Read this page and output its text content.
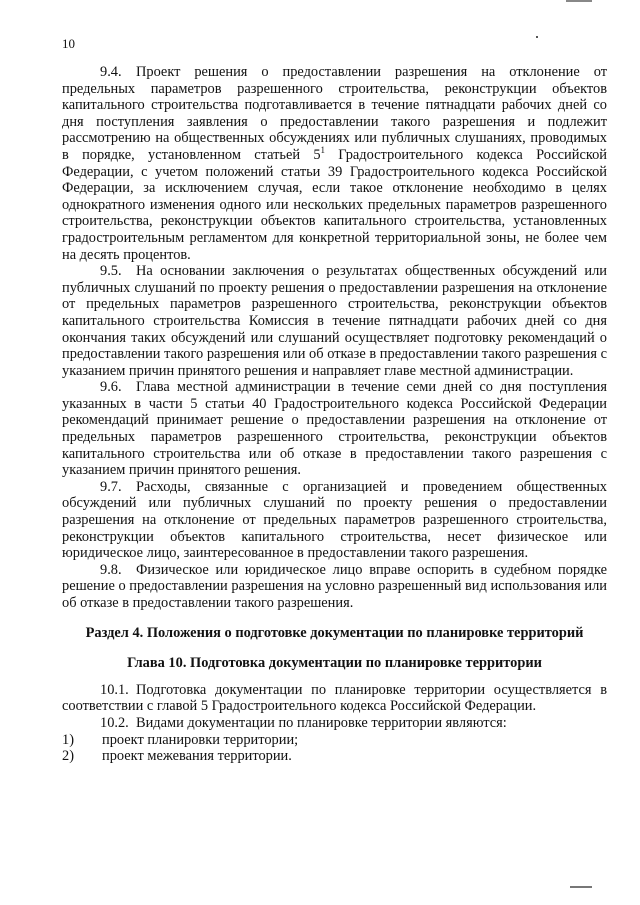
10

9.4. Проект решения о предоставлении разрешения на отклонение от предельных параметров разрешенного строительства, реконструкции объектов капитального строительства подготавливается в течение пятнадцати рабочих дней со дня поступления заявления о предоставлении такого разрешения и подлежит рассмотрению на общественных обсуждениях или публичных слушаниях, проводимых в порядке, установленном статьей $5^1$ Градостроительного кодекса Российской Федерации, с учетом положений статьи 39 Градостроительного кодекса Российской Федерации, за исключением случая, если такое отклонение необходимо в целях однократного изменения одного или нескольких предельных параметров разрешенного строительства, реконструкции объектов капитального строительства, установленных градостроительным регламентом для конкретной территориальной зоны, не более чем на десять процентов.

9.5. На основании заключения о результатах общественных обсуждений или публичных слушаний по проекту решения о предоставлении разрешения на отклонение от предельных параметров разрешенного строительства, реконструкции объектов капитального строительства Комиссия в течение пятнадцати рабочих дней со дня окончания таких обсуждений или слушаний осуществляет подготовку рекомендаций о предоставлении такого разрешения или об отказе в предоставлении такого разрешения с указанием причин принятого решения и направляет главе местной администрации.

9.6. Глава местной администрации в течение семи дней со дня поступления указанных в части 5 статьи 40 Градостроительного кодекса Российской Федерации рекомендаций принимает решение о предоставлении разрешения на отклонение от предельных параметров разрешенного строительства, реконструкции объектов капитального строительства или об отказе в предоставлении такого разрешения с указанием причин принятого решения.

9.7. Расходы, связанные с организацией и проведением общественных обсуждений или публичных слушаний по проекту решения о предоставлении разрешения на отклонение от предельных параметров разрешенного строительства, реконструкции объектов капитального строительства, несет физическое или юридическое лицо, заинтересованное в предоставлении такого разрешения.

9.8. Физическое или юридическое лицо вправе оспорить в судебном порядке решение о предоставлении разрешения на условно разрешенный вид использования или об отказе в предоставлении такого разрешения.

Раздел 4. Положения о подготовке документации по планировке территорий
Глава 10. Подготовка документации по планировке территории

10.1. Подготовка документации по планировке территории осуществляется в соответствии с главой 5 Градостроительного кодекса Российской Федерации.

10.2. Видами документации по планировке территории являются:

1)	проект планировки территории;
2)	проект межевания территории.
